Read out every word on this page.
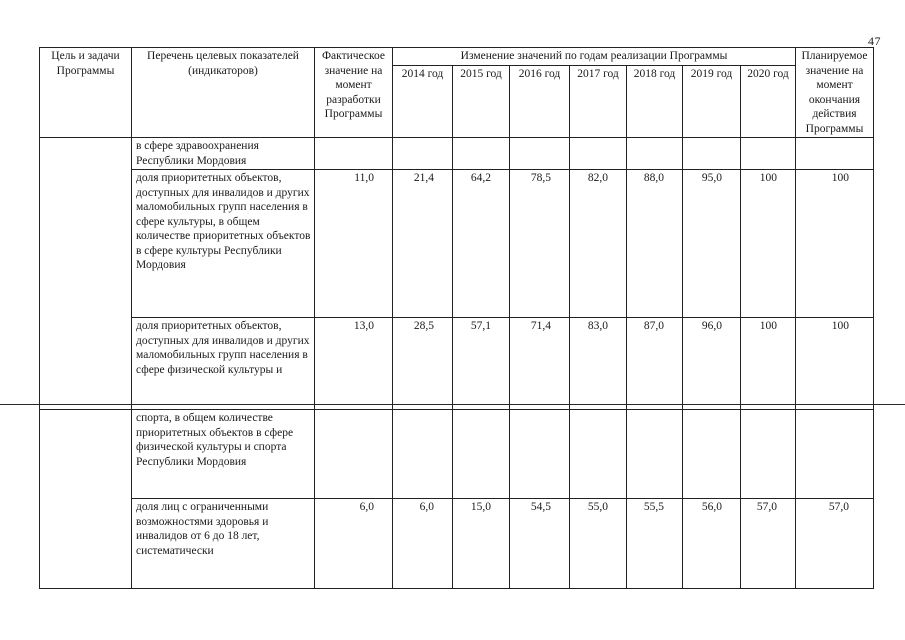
47
Цель и задачи Программы	Перечень целевых показателей (индикаторов)	Фактическое значение на момент разработки Программы	Изменение значений по годам реализации Программы							Планируемое значение на момент окончания действия Программы
			2014 год	2015 год	2016 год	2017 год	2018 год	2019 год	2020 год	
	в сфере здравоохранения Республики Мордовия									
	доля приоритетных объектов, доступных для инвалидов и других маломобильных групп населения в сфере культуры, в общем количестве приоритетных объектов в сфере культуры Республики Мордовия	11,0	21,4	64,2	78,5	82,0	88,0	95,0	100	100
	доля приоритетных объектов, доступных для инвалидов и других маломобильных групп населения в сфере физической культуры и	13,0	28,5	57,1	71,4	83,0	87,0	96,0	100	100
	спорта, в общем количестве приоритетных объектов в сфере физической культуры и спорта Республики Мордовия									
	доля лиц с ограниченными возможностями здоровья и инвалидов от 6 до 18 лет, систематически	6,0	6,0	15,0	54,5	55,0	55,5	56,0	57,0	57,0
